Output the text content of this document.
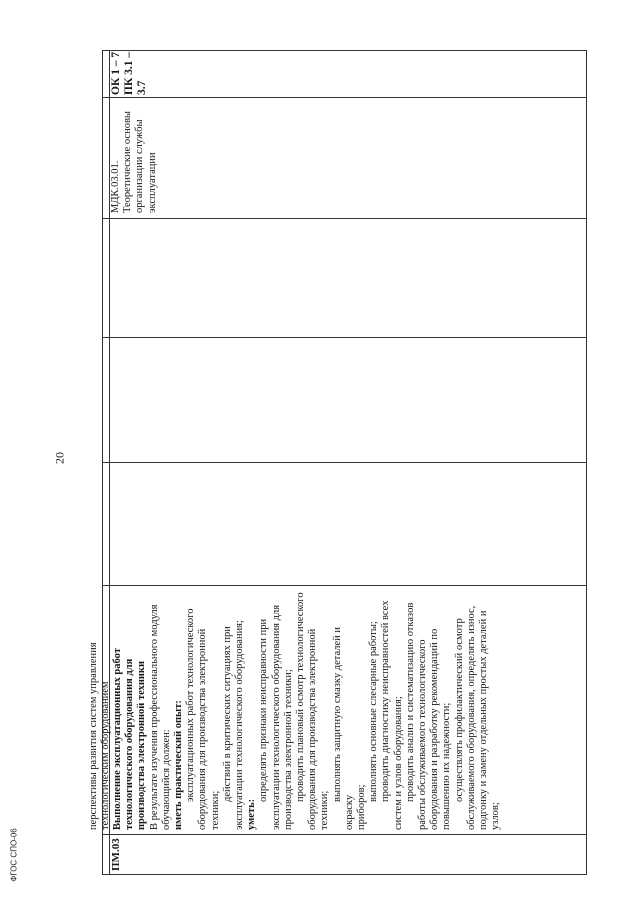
20
ФГОС СПО-06

перспективы развития систем управления технологическим оборудованием

ПМ.03

Выполнение эксплуатационных работ технологического оборудования для производства электронной техники В результате изучения профессионального модуля обучающийся должен: иметь практический опыт: эксплуатационных работ технологического оборудования для производства электронной техники;

действий в критических ситуациях при эксплуатации технологического оборудования; уметь:

определять признаки неисправности при эксплуатации технологического оборудования для производства электронной техники; проводить плановый осмотр технологического оборудования для производства электронной техники;

выполнять защитную смазку деталей и окраску приборов;

выполнять основные слесарные работы; проводить диагностику неисправностей всех систем и узлов оборудования; проводить анализ и систематизацию отказов работы обслуживаемого технологического оборудования и разработку рекомендаций по повышению их надежности; осуществлять профилактический осмотр обслуживаемого оборудования, определять износ, подгонку и замену отдельных простых деталей и узлов;

МДК.03.01. Теоретические основы организации службы эксплуатации

ОК 1 – 7 ПК 3.1 – 3.7
